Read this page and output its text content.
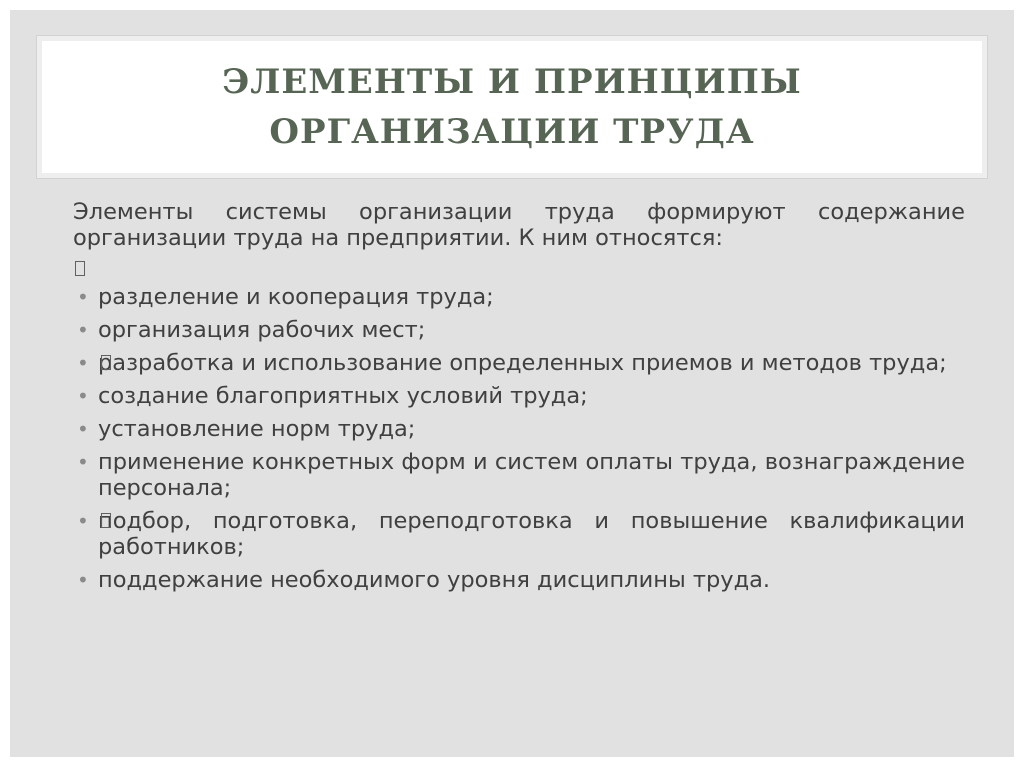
ЭЛЕМЕНТЫ И ПРИНЦИПЫ
ОРГАНИЗАЦИИ ТРУДА

Элементы системы организации труда формируют содержание организации труда на предприятии. К ним относятся:

• разделение и кооперация труда;
• организация рабочих мест;
• разработка и использование определенных приемов и методов труда;
• создание благоприятных условий труда;
• установление норм труда;
• применение конкретных форм и систем оплаты труда, вознаграждение персонала;
• подбор, подготовка, переподготовка и повышение квалификации работников;
• поддержание необходимого уровня дисциплины труда.
